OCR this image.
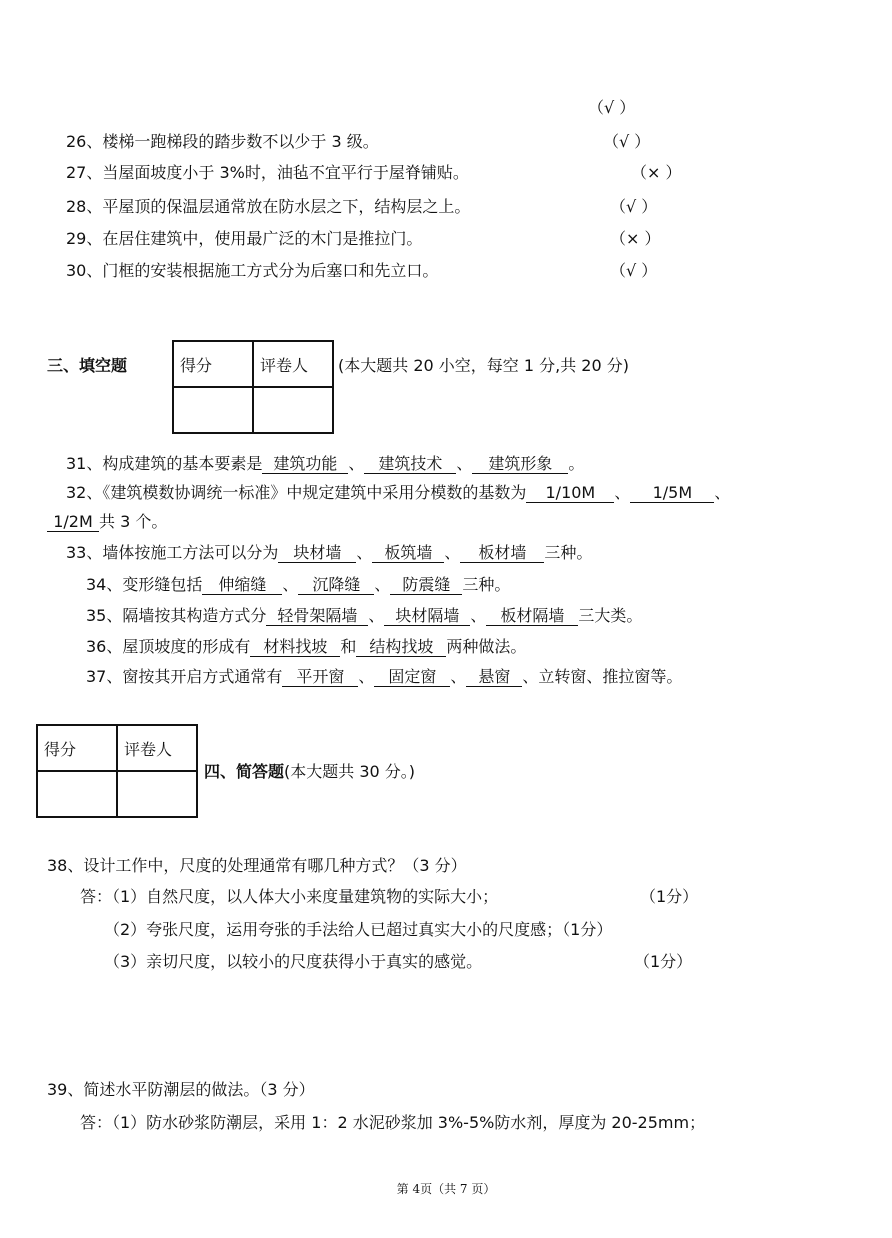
（√ ）
26、楼梯一跑梯段的踏步数不以少于 3 级。	（√ ）
27、当屋面坡度小于 3%时，油毡不宜平行于屋脊铺贴。	（× ）
28、平屋顶的保温层通常放在防水层之下，结构层之上。	（√ ）
29、在居住建筑中，使用最广泛的木门是推拉门。	（× ）
30、门框的安装根据施工方式分为后塞口和先立口。	（√ ）
三、填空题	得分	评卷人
	(本大题共 20 小空，每空 1 分,共 20 分)
31、构成建筑的基本要素是 建筑功能 、 建筑技术 、 建筑形象 。
32、《建筑模数协调统一标准》中规定建筑中采用分模数的基数为 1/10M 、 1/5M 、
1/2M 共 3 个。
33、墙体按施工方法可以分为 块材墙 、 板筑墙 、 板材墙 三种。
34、变形缝包括 伸缩缝 、 沉降缝 、 防震缝 三种。
35、隔墙按其构造方式分 轻骨架隔墙 、 块材隔墙 、 板材隔墙 三大类。
36、屋顶坡度的形成有 材料找坡 和 结构找坡 两种做法。
37、窗按其开启方式通常有 平开窗 、 固定窗 、 悬窗 、立转窗、推拉窗等。
得分	评卷人

四、简答题(本大题共 30 分。)
38、设计工作中，尺度的处理通常有哪几种方式？（3 分）
答：（1）自然尺度，以人体大小来度量建筑物的实际大小；	（1分）
（2）夸张尺度，运用夸张的手法给人已超过真实大小的尺度感；（1分）
（3）亲切尺度，以较小的尺度获得小于真实的感觉。	（1分）
39、简述水平防潮层的做法。（3 分）
答：（1）防水砂浆防潮层，采用 1：2 水泥砂浆加 3%-5%防水剂，厚度为 20-25mm；
第 4页（共 7 页）
